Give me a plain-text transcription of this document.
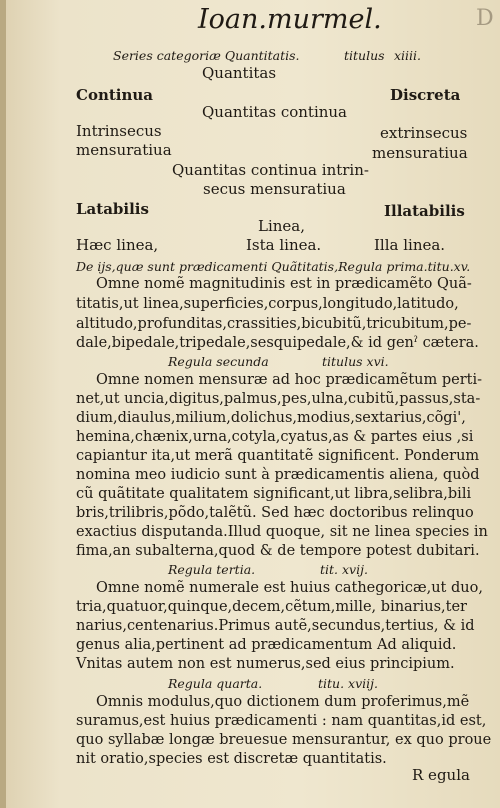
Ioan.murmel.	D
Series categoriæ Quantitatis.	titulus xiiii.
Quantitas
Continua	Discreta
Quantitas continua
Intrinsecus	extrinsecus
mensuratiua	mensuratiua
Quantitas continua intrin-
secus mensuratiua
Latabilis	Illatabilis
Linea,
Hæc linea,	Ista linea.	Illa linea.
De ijs,quæ sunt prædicamenti Quãtitatis,Regula prima.titu.xv.
Omne nomẽ magnitudinis est in prædicamẽto Quã-
titatis,ut linea,superficies,corpus,longitudo,latitudo,
altitudo,profunditas,crassities,bicubitũ,tricubitum,pe-
dale,bipedale,tripedale,sesquipedale,& id genˀ cætera.
Regula secunda	titulus xvi.
Omne nomen mensuræ ad hoc prædicamẽtum perti-
net,ut uncia,digitus,palmus,pes,ulna,cubitũ,passus,sta-
dium,diaulus,milium,dolichus,modius,sextarius,cõgi',
hemina,chænix,urna,cotyla,cyatus,as & partes eius ,si
capiantur ita,ut merã quantitatẽ significent. Ponderum
nomina meo iudicio sunt à prædicamentis aliena, quòd
cũ quãtitate qualitatem significant,ut libra,selibra,bili
bris,trilibris,põdo,talẽtũ. Sed hæc doctoribus relinquo
exactius disputanda.Illud quoque, sit ne linea species in
fima,an subalterna,quod & de tempore potest dubitari.
Regula tertia.	tit. xvij.
Omne nomẽ numerale est huius cathegoricæ,ut duo,
tria,quatuor,quinque,decem,cẽtum,mille, binarius,ter
narius,centenarius.Primus autẽ,secundus,tertius, & id
genus alia,pertinent ad prædicamentum Ad aliquid.
Vnitas autem non est numerus,sed eius principium.
Regula quarta.	titu. xviij.
Omnis modulus,quo dictionem dum proferimus,mẽ
suramus,est huius prædicamenti : nam quantitas,id est,
quo syllabæ longæ breuesue mensurantur, ex quo proue
nit oratio,species est discretæ quantitatis.
R egula
